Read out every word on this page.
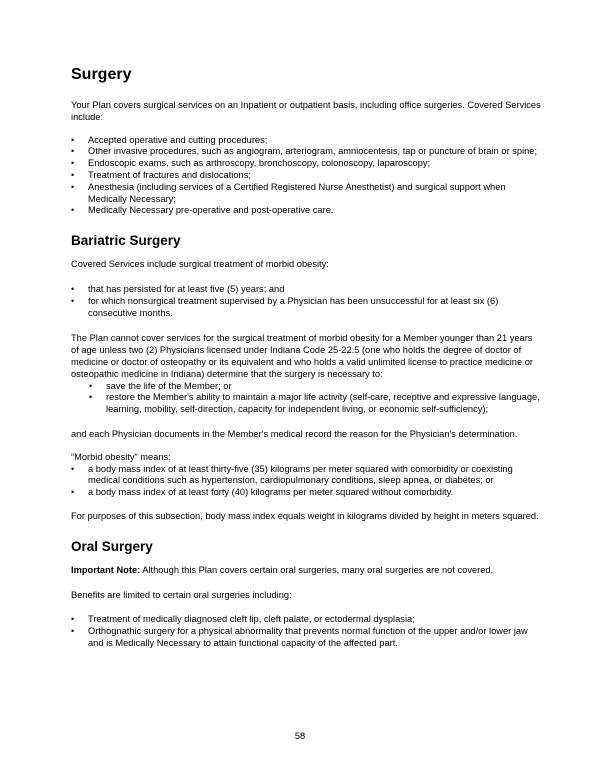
Surgery

Your Plan covers surgical services on an Inpatient or outpatient basis, including office surgeries. Covered Services include:

• Accepted operative and cutting procedures;
• Other invasive procedures, such as angiogram, arteriogram, amniocentesis, tap or puncture of brain or spine;
• Endoscopic exams, such as arthroscopy, bronchoscopy, colonoscopy, laparoscopy;
• Treatment of fractures and dislocations;
• Anesthesia (including services of a Certified Registered Nurse Anesthetist) and surgical support when Medically Necessary;
• Medically Necessary pre-operative and post-operative care.
Bariatric Surgery

Covered Services include surgical treatment of morbid obesity:

• that has persisted for at least five (5) years; and
• for which nonsurgical treatment supervised by a Physician has been unsuccessful for at least six (6) consecutive months.

The Plan cannot cover services for the surgical treatment of morbid obesity for a Member younger than 21 years of age unless two (2) Physicians licensed under Indiana Code 25-22.5 (one who holds the degree of doctor of medicine or doctor of osteopathy or its equivalent and who holds a valid unlimited license to practice medicine or osteopathic medicine in Indiana) determine that the surgery is necessary to:

• save the life of the Member; or
• restore the Member's ability to maintain a major life activity (self-care, receptive and expressive language, learning, mobility, self-direction, capacity for independent living, or economic self-sufficiency);

and each Physician documents in the Member's medical record the reason for the Physician's determination.

“Morbid obesity” means:

• a body mass index of at least thirty-five (35) kilograms per meter squared with comorbidity or coexisting medical conditions such as hypertension, cardiopulmonary conditions, sleep apnea, or diabetes; or
• a body mass index of at least forty (40) kilograms per meter squared without comorbidity.

For purposes of this subsection, body mass index equals weight in kilograms divided by height in meters squared.

Oral Surgery

Important Note: Although this Plan covers certain oral surgeries, many oral surgeries are not covered.

Benefits are limited to certain oral surgeries including:

• Treatment of medically diagnosed cleft lip, cleft palate, or ectodermal dysplasia;
• Orthognathic surgery for a physical abnormality that prevents normal function of the upper and/or lower jaw and is Medically Necessary to attain functional capacity of the affected part.
58
